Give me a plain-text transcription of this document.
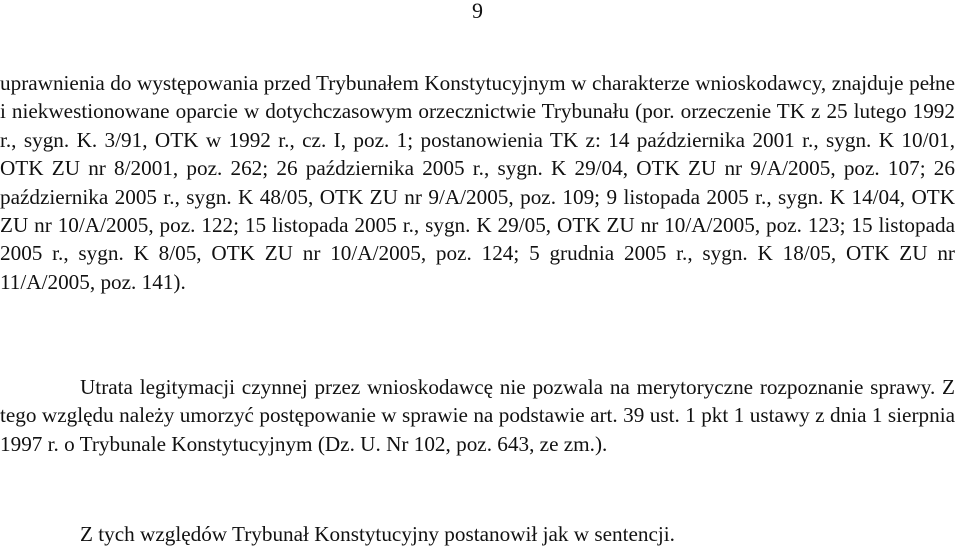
9

uprawnienia do występowania przed Trybunałem Konstytucyjnym w charakterze wnioskodawcy, znajduje pełne i niekwestionowane oparcie w dotychczasowym orzecznictwie Trybunału (por. orzeczenie TK z 25 lutego 1992 r., sygn. K. 3/91, OTK w 1992 r., cz. I, poz. 1; postanowienia TK z: 14 października 2001 r., sygn. K 10/01, OTK ZU nr 8/2001, poz. 262; 26 października 2005 r., sygn. K 29/04, OTK ZU nr 9/A/2005, poz. 107; 26 października 2005 r., sygn. K 48/05, OTK ZU nr 9/A/2005, poz. 109; 9 listopada 2005 r., sygn. K 14/04, OTK ZU nr 10/A/2005, poz. 122; 15 listopada 2005 r., sygn. K 29/05, OTK ZU nr 10/A/2005, poz. 123; 15 listopada 2005 r., sygn. K 8/05, OTK ZU nr 10/A/2005, poz. 124; 5 grudnia 2005 r., sygn. K 18/05, OTK ZU nr 11/A/2005, poz. 141).

Utrata legitymacji czynnej przez wnioskodawcę nie pozwala na merytoryczne rozpoznanie sprawy. Z tego względu należy umorzyć postępowanie w sprawie na podstawie art. 39 ust. 1 pkt 1 ustawy z dnia 1 sierpnia 1997 r. o Trybunale Konstytucyjnym (Dz. U. Nr 102, poz. 643, ze zm.).

Z tych względów Trybunał Konstytucyjny postanowił jak w sentencji.
